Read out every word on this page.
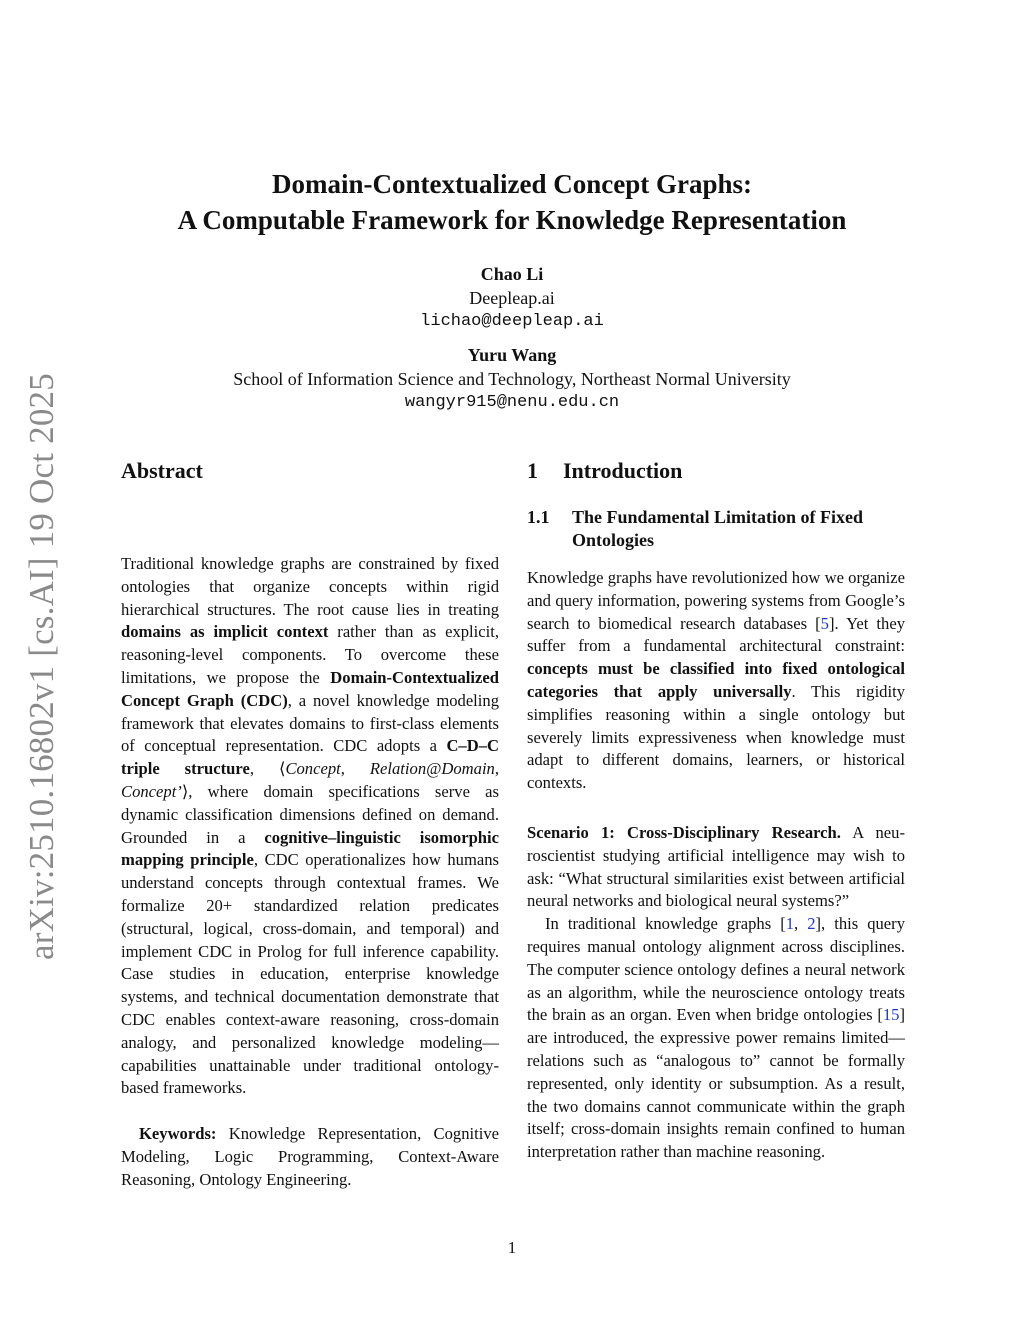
arXiv:2510.16802v1 [cs.AI] 19 Oct 2025
Domain-Contextualized Concept Graphs:
A Computable Framework for Knowledge Representation
Chao Li
Deepleap.ai
lichao@deepleap.ai
Yuru Wang
School of Information Science and Technology, Northeast Normal University
wangyr915@nenu.edu.cn
Abstract

Traditional knowledge graphs are constrained by fixed ontologies that organize concepts within rigid hierarchical structures. The root cause lies in treating domains as implicit context rather than as explicit, reasoning-level components. To overcome these limitations, we propose the Domain-Contextualized Concept Graph (CDC), a novel knowledge modeling framework that elevates domains to first-class elements of conceptual representation. CDC adopts a C–D–C triple structure, ⟨Concept, Relation@Domain, Concept’⟩, where domain specifications serve as dynamic classification dimensions defined on demand. Grounded in a cognitive–linguistic isomorphic mapping principle, CDC operationalizes how humans understand concepts through contextual frames. We formalize 20+ standardized relation predicates (structural, logical, cross-domain, and temporal) and implement CDC in Prolog for full inference capability. Case studies in education, enterprise knowledge systems, and technical documentation demonstrate that CDC enables context-aware reasoning, cross-domain analogy, and personalized knowledge modeling—capabilities unattainable under traditional ontology-based frameworks.

Keywords: Knowledge Representation, Cognitive Modeling, Logic Programming, Context-Aware Reasoning, Ontology Engineering.

1 Introduction
1.1	The Fundamental Limitation of Fixed Ontologies

Knowledge graphs have revolutionized how we organize and query information, powering systems from Google’s search to biomedical research databases [5]. Yet they suffer from a fundamental architectural constraint: concepts must be classified into fixed ontological categories that apply universally. This rigidity simplifies reasoning within a single ontology but severely limits expressiveness when knowledge must adapt to different domains, learners, or historical contexts.

Scenario 1: Cross-Disciplinary Research. A neuroscientist studying artificial intelligence may wish to ask: “What structural similarities exist between artificial neural networks and biological neural systems?”

In traditional knowledge graphs [1, 2], this query requires manual ontology alignment across disciplines. The computer science ontology defines a neural network as an algorithm, while the neuroscience ontology treats the brain as an organ. Even when bridge ontologies [15] are introduced, the expressive power remains limited—relations such as “analogous to” cannot be formally represented, only identity or subsumption. As a result, the two domains cannot communicate within the graph itself; cross-domain insights remain confined to human interpretation rather than machine reasoning.

1
